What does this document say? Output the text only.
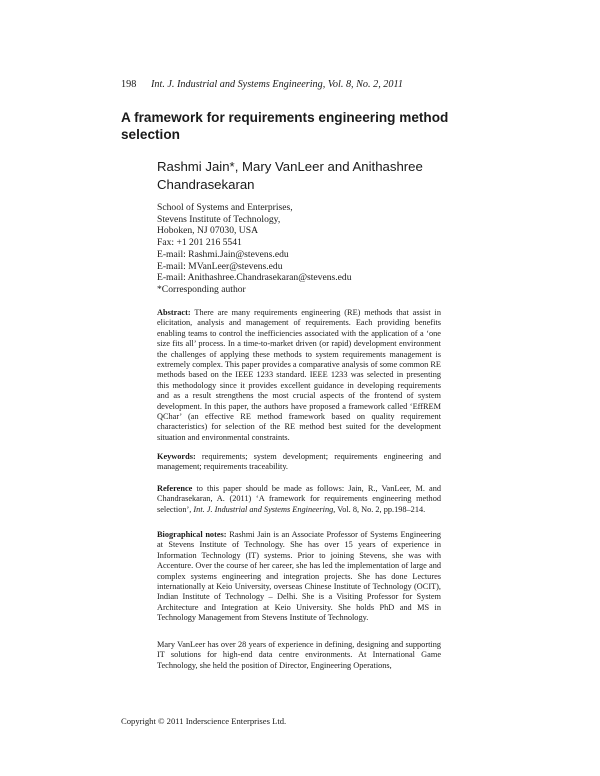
198 Int. J. Industrial and Systems Engineering, Vol. 8, No. 2, 2011
A framework for requirements engineering method selection
Rashmi Jain*, Mary VanLeer and Anithashree Chandrasekaran
School of Systems and Enterprises,
Stevens Institute of Technology,
Hoboken, NJ 07030, USA
Fax: +1 201 216 5541
E-mail: Rashmi.Jain@stevens.edu
E-mail: MVanLeer@stevens.edu
E-mail: Anithashree.Chandrasekaran@stevens.edu
*Corresponding author
Abstract: There are many requirements engineering (RE) methods that assist in elicitation, analysis and management of requirements. Each providing benefits enabling teams to control the inefficiencies associated with the application of a ‘one size fits all’ process. In a time-to-market driven (or rapid) development environment the challenges of applying these methods to system requirements management is extremely complex. This paper provides a comparative analysis of some common RE methods based on the IEEE 1233 standard. IEEE 1233 was selected in presenting this methodology since it provides excellent guidance in developing requirements and as a result strengthens the most crucial aspects of the frontend of system development. In this paper, the authors have proposed a framework called ‘EffREM QChar’ (an effective RE method framework based on quality requirement characteristics) for selection of the RE method best suited for the development situation and environmental constraints.
Keywords: requirements; system development; requirements engineering and management; requirements traceability.
Reference to this paper should be made as follows: Jain, R., VanLeer, M. and Chandrasekaran, A. (2011) ‘A framework for requirements engineering method selection’, Int. J. Industrial and Systems Engineering, Vol. 8, No. 2, pp.198–214.
Biographical notes: Rashmi Jain is an Associate Professor of Systems Engineering at Stevens Institute of Technology. She has over 15 years of experience in Information Technology (IT) systems. Prior to joining Stevens, she was with Accenture. Over the course of her career, she has led the implementation of large and complex systems engineering and integration projects. She has done Lectures internationally at Keio University, overseas Chinese Institute of Technology (OCIT), Indian Institute of Technology – Delhi. She is a Visiting Professor for System Architecture and Integration at Keio University. She holds PhD and MS in Technology Management from Stevens Institute of Technology.
Mary VanLeer has over 28 years of experience in defining, designing and supporting IT solutions for high-end data centre environments. At International Game Technology, she held the position of Director, Engineering Operations,
Copyright © 2011 Inderscience Enterprises Ltd.
